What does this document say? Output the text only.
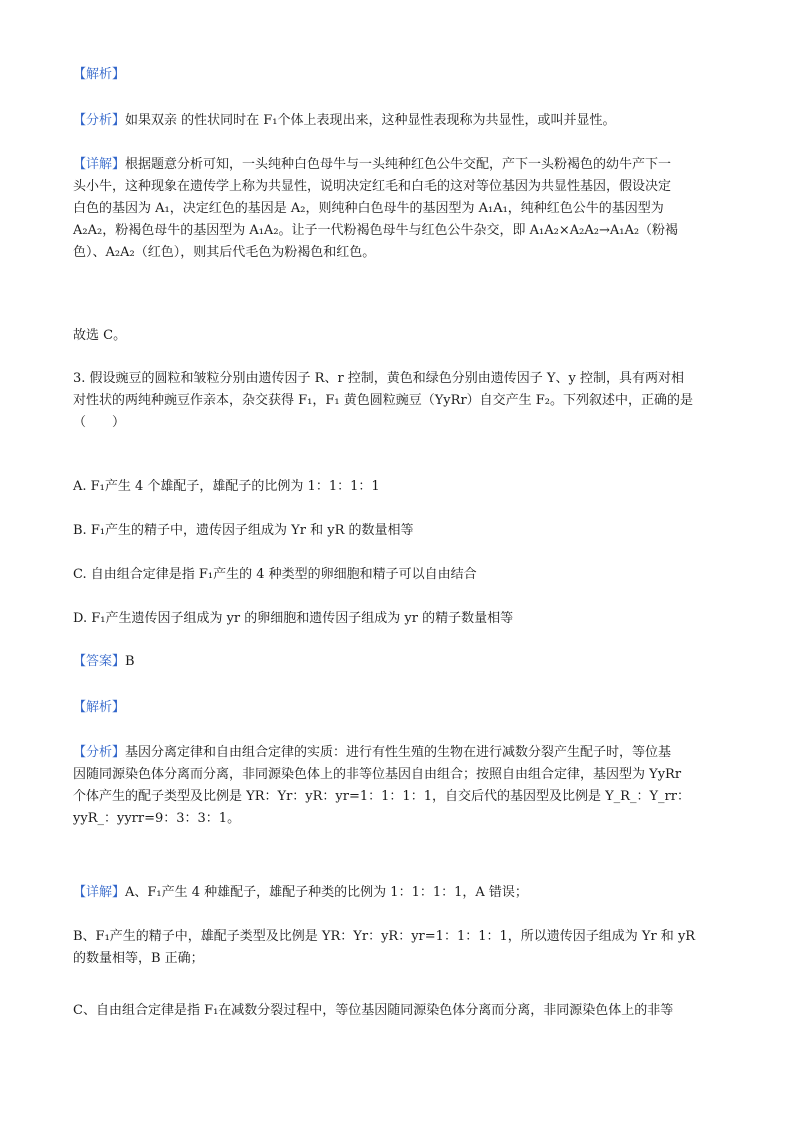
【解析】
【分析】如果双亲 的性状同时在 F₁个体上表现出来，这种显性表现称为共显性，或叫并显性。
【详解】根据题意分析可知，一头纯种白色母牛与一头纯种红色公牛交配，产下一头粉褐色的幼牛产下一
头小牛，这种现象在遗传学上称为共显性，说明决定红毛和白毛的这对等位基因为共显性基因，假设决定
白色的基因为 A₁，决定红色的基因是 A₂，则纯种白色母牛的基因型为 A₁A₁，纯种红色公牛的基因型为
A₂A₂，粉褐色母牛的基因型为 A₁A₂。让子一代粉褐色母牛与红色公牛杂交，即 A₁A₂×A₂A₂→A₁A₂（粉褐
色）、A₂A₂（红色），则其后代毛色为粉褐色和红色。
故选 C。
3. 假设豌豆的圆粒和皱粒分别由遗传因子 R、r 控制，黄色和绿色分别由遗传因子 Y、y 控制，具有两对相
对性状的两纯种豌豆作亲本，杂交获得 F₁，F₁ 黄色圆粒豌豆（YyRr）自交产生 F₂。下列叙述中，正确的是
（　　）
A. F₁产生 4 个雄配子，雄配子的比例为 1：1：1：1
B. F₁产生的精子中，遗传因子组成为 Yr 和 yR 的数量相等
C. 自由组合定律是指 F₁产生的 4 种类型的卵细胞和精子可以自由结合
D. F₁产生遗传因子组成为 yr 的卵细胞和遗传因子组成为 yr 的精子数量相等
【答案】B
【解析】
【分析】基因分离定律和自由组合定律的实质：进行有性生殖的生物在进行减数分裂产生配子时，等位基
因随同源染色体分离而分离，非同源染色体上的非等位基因自由组合；按照自由组合定律，基因型为 YyRr
个体产生的配子类型及比例是 YR：Yr：yR：yr=1：1：1：1，自交后代的基因型及比例是 Y_R_：Y_rr：
yyR_：yyrr=9：3：3：1。
【详解】A、F₁产生 4 种雄配子，雄配子种类的比例为 1：1：1：1，A 错误；
B、F₁产生的精子中，雄配子类型及比例是 YR：Yr：yR：yr=1：1：1：1，所以遗传因子组成为 Yr 和 yR
的数量相等，B 正确；
C、自由组合定律是指 F₁在减数分裂过程中，等位基因随同源染色体分离而分离，非同源染色体上的非等
